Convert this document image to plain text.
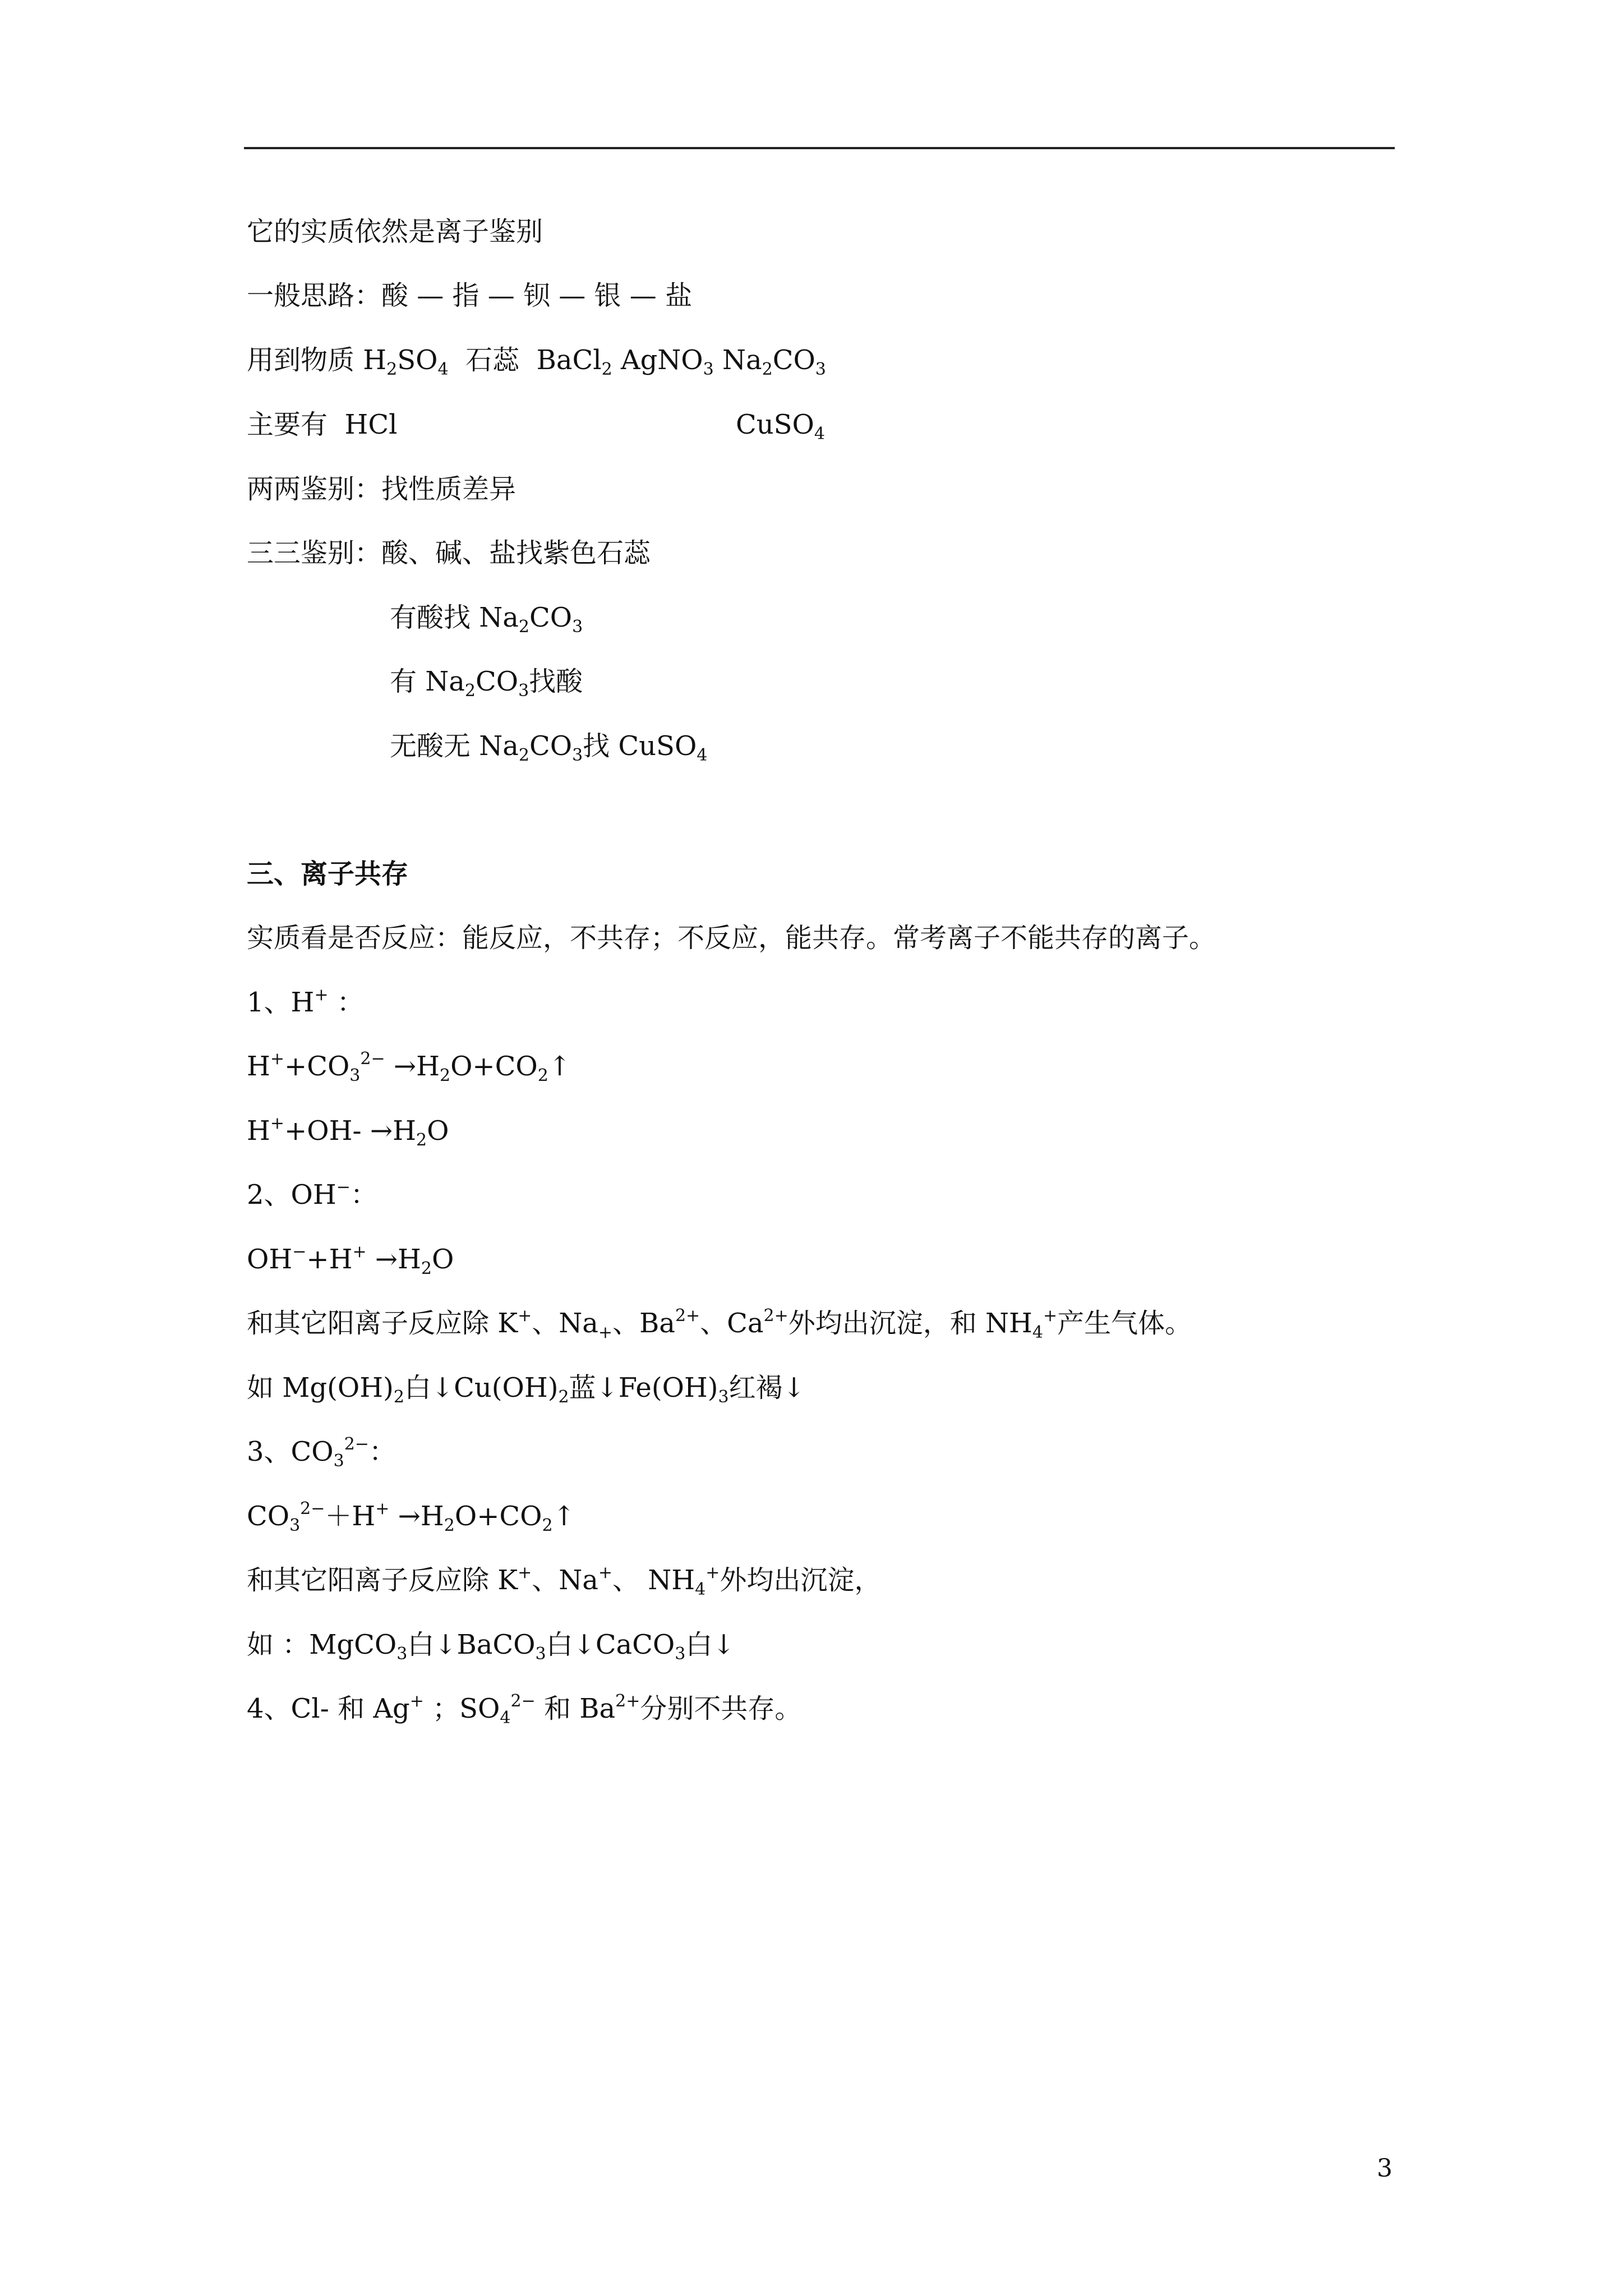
它的实质依然是离子鉴别
一般思路：酸 — 指 — 钡 — 银 — 盐
用到物质 $H_2SO_4$  石蕊  BaCl$_2$ AgNO$_3$ $Na_2CO_3$
主要有  HCl	CuSO$_4$
两两鉴别：找性质差异
三三鉴别：酸、碱、盐找紫色石蕊
有酸找 $Na_2CO_3$
有 $Na_2CO_3$找酸
无酸无 $Na_2CO_3$找 CuSO$_4$
三、离子共存
实质看是否反应：能反应，不共存；不反应，能共存。常考离子不能共存的离子。
1、H+ ：
$H^++CO_3^{2-}$ $\to H_2O+CO_2↑$
$H^++OH- \to H_2O$
2、OH−：
$OH^-+H^+ \to H_2O$
和其它阳离子反应除 K+、$Na_+$、$Ba^{2+}$、$Ca^{2+}$外均出沉淀，和 $NH_4^+$产生气体。
如 $Mg(OH)_2$白$↓Cu(OH)_2$蓝$↓Fe(OH)_3$红褐↓
3、$CO_3^{2-}$：
$CO_3^{2-}+H^+$ $\to H_2O+CO_2↑$
和其它阳离子反应除 K+、Na+、 $NH_4^+$外均出沉淀，
如 ：MgCO$_3$白↓BaCO$_3$白↓CaCO$_3$白↓
4、Cl- 和 Ag+ ；$SO_4^{2-}$ 和 $Ba^{2+}$分别不共存。
3
